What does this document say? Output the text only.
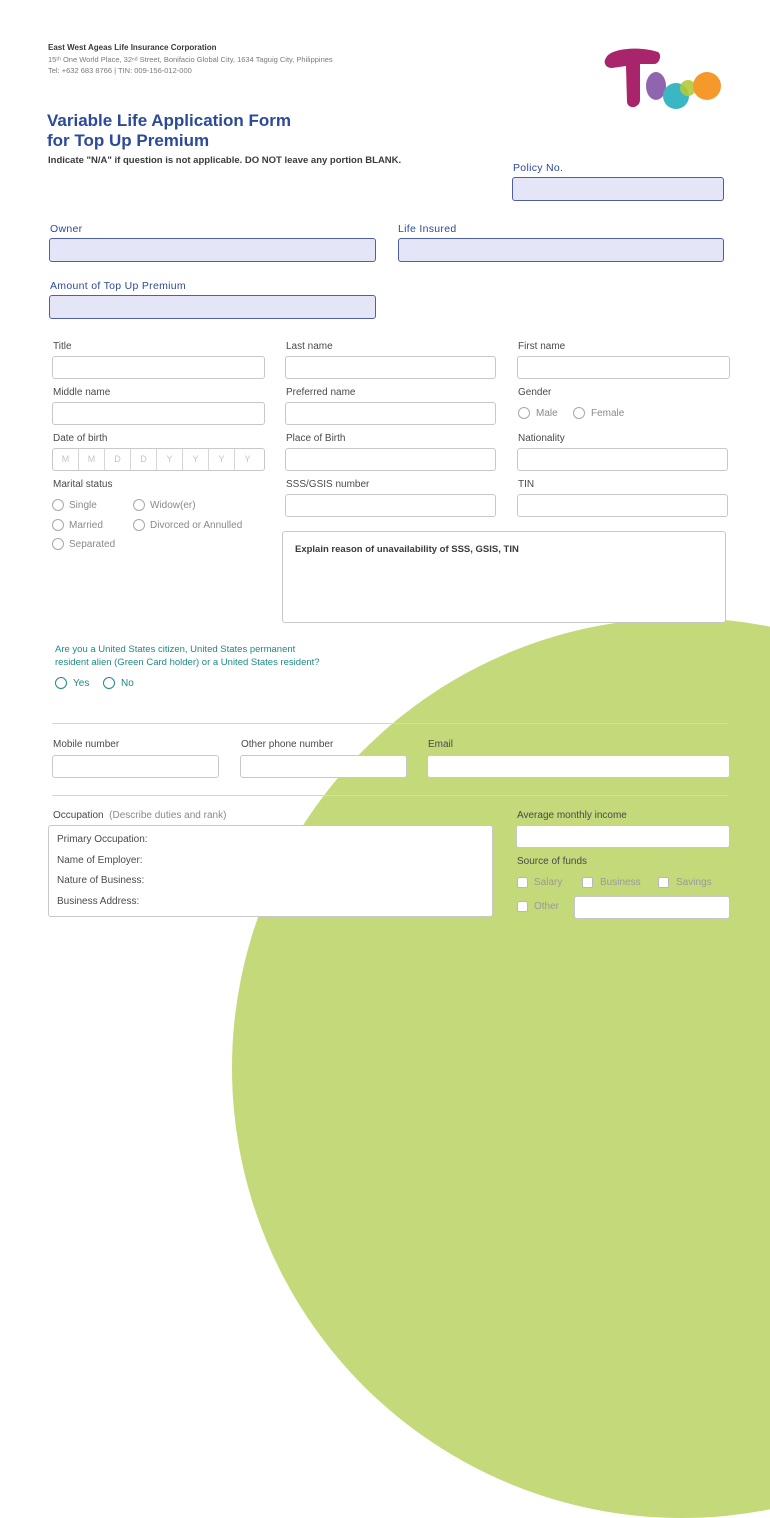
East West Ageas Life Insurance Corporation
15ᵗʰ One World Place, 32ⁿᵈ Street, Bonifacio Global City, 1634 Taguig City, Philippines
Tel: +632 683 8766 | TIN: 009-156-012-000
Variable Life Application Form
for Top Up Premium
Indicate "N/A" if question is not applicable. DO NOT leave any portion BLANK.
Policy No.
Owner	Life Insured
Amount of Top Up Premium
Title	Last name	First name
Middle name	Preferred name	Gender
Male	Female
Date of birth
M	M	D	D	Y	Y	Y	Y
Place of Birth	Nationality
Marital status
Single	Widow(er)
Married	Divorced or Annulled
Separated
SSS/GSIS number	TIN
Explain reason of unavailability of SSS, GSIS, TIN
Are you a United States citizen, United States permanent
resident alien (Green Card holder) or a United States resident?
Yes	No
Mobile number	Other phone number	Email
Occupation (Describe duties and rank)
Primary Occupation:
Name of Employer:
Nature of Business:
Business Address:
Average monthly income
Source of funds
Salary	Business	Savings
Other
